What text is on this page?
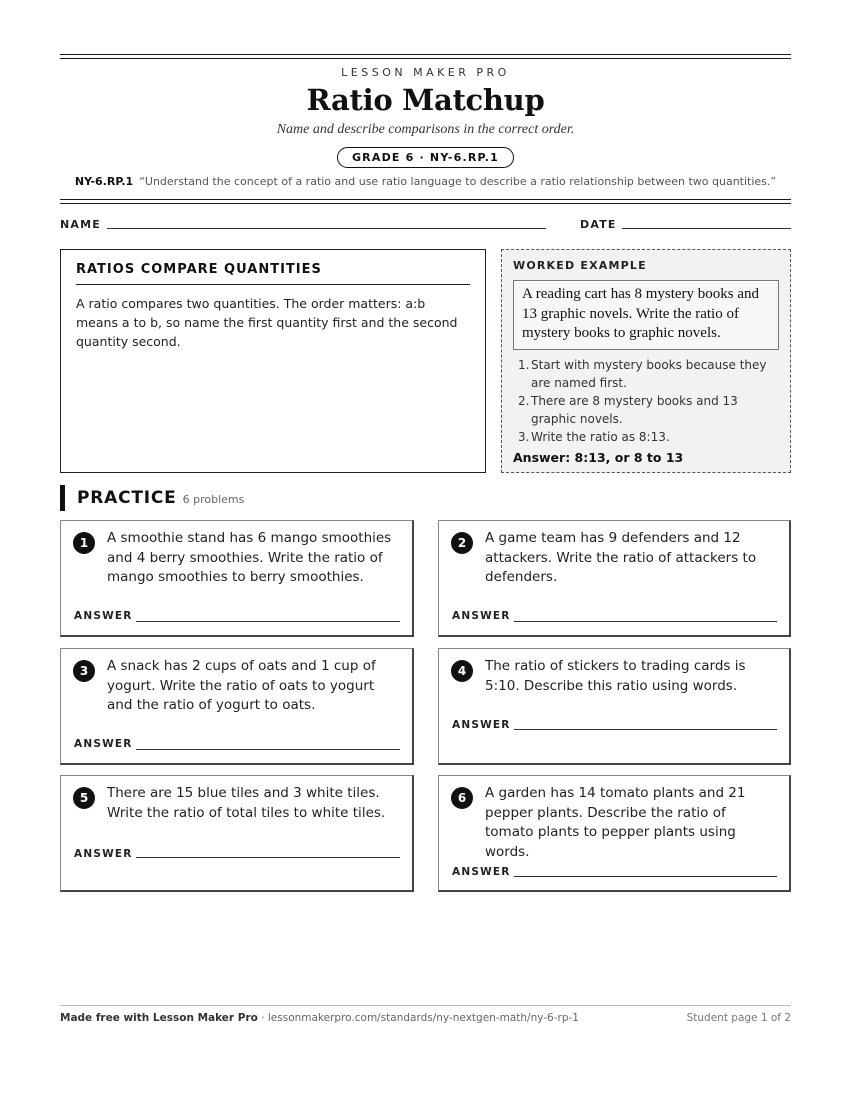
LESSON MAKER PRO
Ratio Matchup
Name and describe comparisons in the correct order.
GRADE 6 · NY-6.RP.1
NY-6.RP.1 “Understand the concept of a ratio and use ratio language to describe a ratio relationship between two quantities.”
NAME	DATE
RATIOS COMPARE QUANTITIES

A ratio compares two quantities. The order matters: a:b means a to b, so name the first quantity first and the second quantity second.

WORKED EXAMPLE
A reading cart has 8 mystery books and 13 graphic novels. Write the ratio of mystery books to graphic novels.
1. Start with mystery books because they are named first.
2. There are 8 mystery books and 13 graphic novels.
3. Write the ratio as 8:13.
Answer: 8:13, or 8 to 13
PRACTICE 6 problems
1	A smoothie stand has 6 mango smoothies and 4 berry smoothies. Write the ratio of mango smoothies to berry smoothies.
ANSWER
2	A game team has 9 defenders and 12 attackers. Write the ratio of attackers to defenders.
ANSWER
3	A snack has 2 cups of oats and 1 cup of yogurt. Write the ratio of oats to yogurt and the ratio of yogurt to oats.
ANSWER
4	The ratio of stickers to trading cards is 5:10. Describe this ratio using words.
ANSWER
5	There are 15 blue tiles and 3 white tiles. Write the ratio of total tiles to white tiles.
ANSWER
6	A garden has 14 tomato plants and 21 pepper plants. Describe the ratio of tomato plants to pepper plants using words.
ANSWER
Made free with Lesson Maker Pro · lessonmakerpro.com/standards/ny-nextgen-math/ny-6-rp-1	Student page 1 of 2
